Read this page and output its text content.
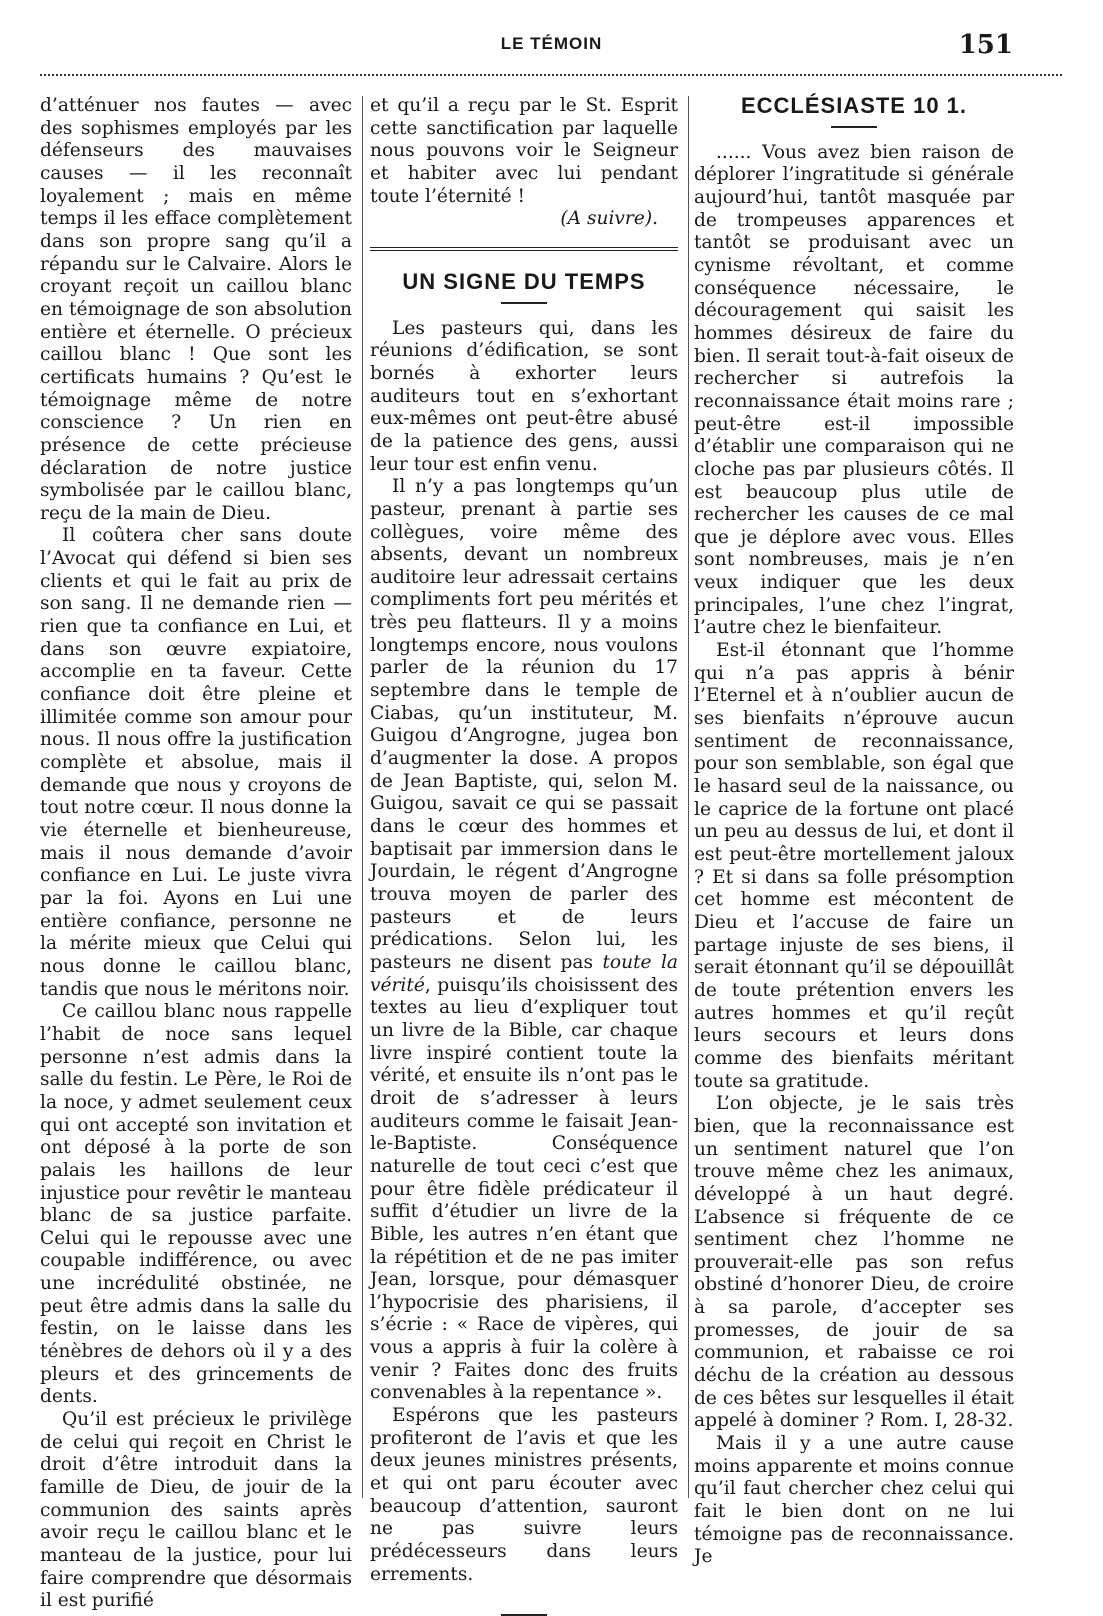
LE TÉMOIN	151

d’atténuer nos fautes — avec des sophismes employés par les défenseurs des mauvaises causes — il les reconnaît loyalement ; mais en même temps il les efface complètement dans son propre sang qu’il a répandu sur le Calvaire. Alors le croyant reçoit un caillou blanc en témoignage de son absolution entière et éternelle. O précieux caillou blanc ! Que sont les certificats humains ? Qu’est le témoignage même de notre conscience ? Un rien en présence de cette précieuse déclaration de notre justice symbolisée par le caillou blanc, reçu de la main de Dieu.

Il coûtera cher sans doute l’Avocat qui défend si bien ses clients et qui le fait au prix de son sang. Il ne demande rien — rien que ta confiance en Lui, et dans son œuvre expiatoire, accomplie en ta faveur. Cette confiance doit être pleine et illimitée comme son amour pour nous. Il nous offre la justification complète et absolue, mais il demande que nous y croyons de tout notre cœur. Il nous donne la vie éternelle et bienheureuse, mais il nous demande d’avoir confiance en Lui. Le juste vivra par la foi. Ayons en Lui une entière confiance, personne ne la mérite mieux que Celui qui nous donne le caillou blanc, tandis que nous le méritons noir.

Ce caillou blanc nous rappelle l’habit de noce sans lequel personne n’est admis dans la salle du festin. Le Père, le Roi de la noce, y admet seulement ceux qui ont accepté son invitation et ont déposé à la porte de son palais les haillons de leur injustice pour revêtir le manteau blanc de sa justice parfaite. Celui qui le repousse avec une coupable indifférence, ou avec une incrédulité obstinée, ne peut être admis dans la salle du festin, on le laisse dans les ténèbres de dehors où il y a des pleurs et des grincements de dents.

Qu’il est précieux le privilège de celui qui reçoit en Christ le droit d’être introduit dans la famille de Dieu, de jouir de la communion des saints après avoir reçu le caillou blanc et le manteau de la justice, pour lui faire comprendre que désormais il est purifié

et qu’il a reçu par le St. Esprit cette sanctification par laquelle nous pouvons voir le Seigneur et habiter avec lui pendant toute l’éternité !

(A suivre).
UN SIGNE DU TEMPS

Les pasteurs qui, dans les réunions d’édification, se sont bornés à exhorter leurs auditeurs tout en s’exhortant eux-mêmes ont peut-être abusé de la patience des gens, aussi leur tour est enfin venu.

Il n’y a pas longtemps qu’un pasteur, prenant à partie ses collègues, voire même des absents, devant un nombreux auditoire leur adressait certains compliments fort peu mérités et très peu flatteurs. Il y a moins longtemps encore, nous voulons parler de la réunion du 17 septembre dans le temple de Ciabas, qu’un instituteur, M. Guigou d’Angrogne, jugea bon d’augmenter la dose. A propos de Jean Baptiste, qui, selon M. Guigou, savait ce qui se passait dans le cœur des hommes et baptisait par immersion dans le Jourdain, le régent d’Angrogne trouva moyen de parler des pasteurs et de leurs prédications. Selon lui, les pasteurs ne disent pas toute la vérité, puisqu’ils choisissent des textes au lieu d’expliquer tout un livre de la Bible, car chaque livre inspiré contient toute la vérité, et ensuite ils n’ont pas le droit de s’adresser à leurs auditeurs comme le faisait Jean-le-Baptiste. Conséquence naturelle de tout ceci c’est que pour être fidèle prédicateur il suffit d’étudier un livre de la Bible, les autres n’en étant que la répétition et de ne pas imiter Jean, lorsque, pour démasquer l’hypocrisie des pharisiens, il s’écrie : « Race de vipères, qui vous a appris à fuir la colère à venir ? Faites donc des fruits convenables à la repentance ».

Espérons que les pasteurs profiteront de l’avis et que les deux jeunes ministres présents, et qui ont paru écouter avec beaucoup d’attention, sauront ne pas suivre leurs prédécesseurs dans leurs errements.

ECCLÉSIASTE 10 1.

...... Vous avez bien raison de déplorer l’ingratitude si générale aujourd’hui, tantôt masquée par de trompeuses apparences et tantôt se produisant avec un cynisme révoltant, et comme conséquence nécessaire, le découragement qui saisit les hommes désireux de faire du bien. Il serait tout-à-fait oiseux de rechercher si autrefois la reconnaissance était moins rare ; peut-être est-il impossible d’établir une comparaison qui ne cloche pas par plusieurs côtés. Il est beaucoup plus utile de rechercher les causes de ce mal que je déplore avec vous. Elles sont nombreuses, mais je n’en veux indiquer que les deux principales, l’une chez l’ingrat, l’autre chez le bienfaiteur.

Est-il étonnant que l’homme qui n’a pas appris à bénir l’Eternel et à n’oublier aucun de ses bienfaits n’éprouve aucun sentiment de reconnaissance, pour son semblable, son égal que le hasard seul de la naissance, ou le caprice de la fortune ont placé un peu au dessus de lui, et dont il est peut-être mortellement jaloux ? Et si dans sa folle présomption cet homme est mécontent de Dieu et l’accuse de faire un partage injuste de ses biens, il serait étonnant qu’il se dépouillât de toute prétention envers les autres hommes et qu’il reçût leurs secours et leurs dons comme des bienfaits méritant toute sa gratitude.

L’on objecte, je le sais très bien, que la reconnaissance est un sentiment naturel que l’on trouve même chez les animaux, développé à un haut degré. L’absence si fréquente de ce sentiment chez l’homme ne prouverait-elle pas son refus obstiné d’honorer Dieu, de croire à sa parole, d’accepter ses promesses, de jouir de sa communion, et rabaisse ce roi déchu de la création au dessous de ces bêtes sur lesquelles il était appelé à dominer ? Rom. I, 28-32.

Mais il y a une autre cause moins apparente et moins connue qu’il faut chercher chez celui qui fait le bien dont on ne lui témoigne pas de reconnaissance. Je
